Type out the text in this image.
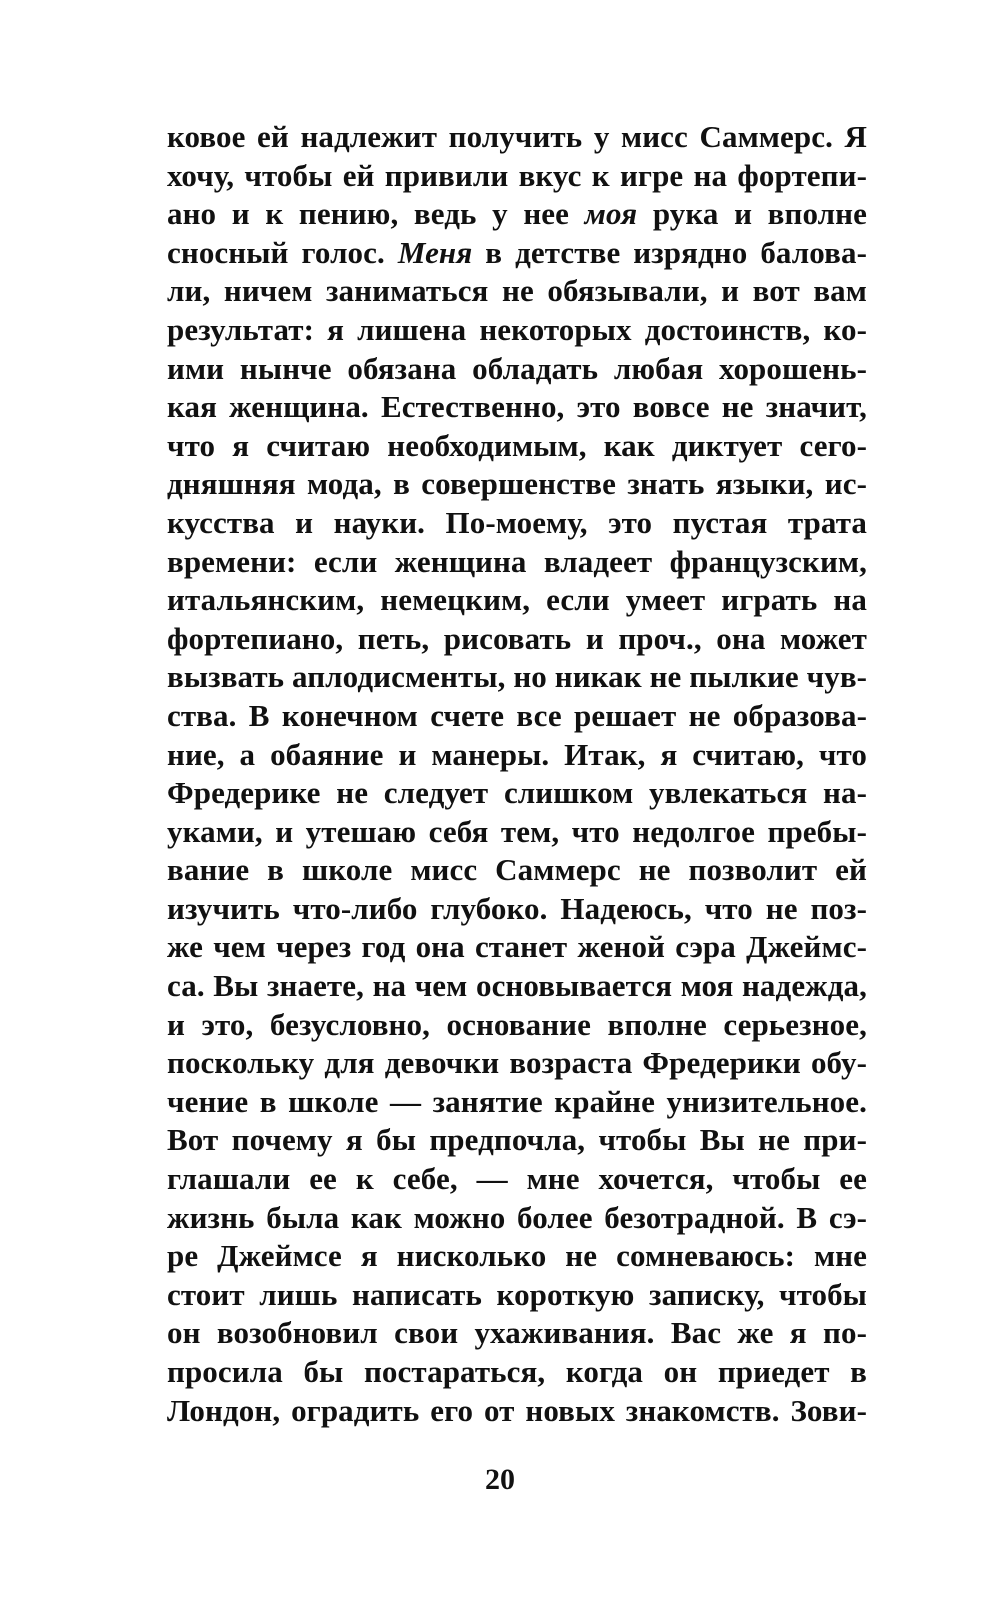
ковое ей надлежит получить у мисс Саммерс. Я
хочу, чтобы ей привили вкус к игре на фортепи-
ано и к пению, ведь у нее моя рука и вполне
сносный голос. Меня в детстве изрядно балова-
ли, ничем заниматься не обязывали, и вот вам
результат: я лишена некоторых достоинств, ко-
ими нынче обязана обладать любая хорошень-
кая женщина. Естественно, это вовсе не значит,
что я считаю необходимым, как диктует сего-
дняшняя мода, в совершенстве знать языки, ис-
кусства и науки. По-моему, это пустая трата
времени: если женщина владеет французским,
итальянским, немецким, если умеет играть на
фортепиано, петь, рисовать и проч., она может
вызвать аплодисменты, но никак не пылкие чув-
ства. В конечном счете все решает не образова-
ние, а обаяние и манеры. Итак, я считаю, что
Фредерике не следует слишком увлекаться на-
уками, и утешаю себя тем, что недолгое пребы-
вание в школе мисс Саммерс не позволит ей
изучить что-либо глубоко. Надеюсь, что не поз-
же чем через год она станет женой сэра Джеймс-
са. Вы знаете, на чем основывается моя надежда,
и это, безусловно, основание вполне серьезное,
поскольку для девочки возраста Фредерики обу-
чение в школе — занятие крайне унизительное.
Вот почему я бы предпочла, чтобы Вы не при-
глашали ее к себе, — мне хочется, чтобы ее
жизнь была как можно более безотрадной. В сэ-
ре Джеймсе я нисколько не сомневаюсь: мне
стоит лишь написать короткую записку, чтобы
он возобновил свои ухаживания. Вас же я по-
просила бы постараться, когда он приедет в
Лондон, оградить его от новых знакомств. Зови-
20
